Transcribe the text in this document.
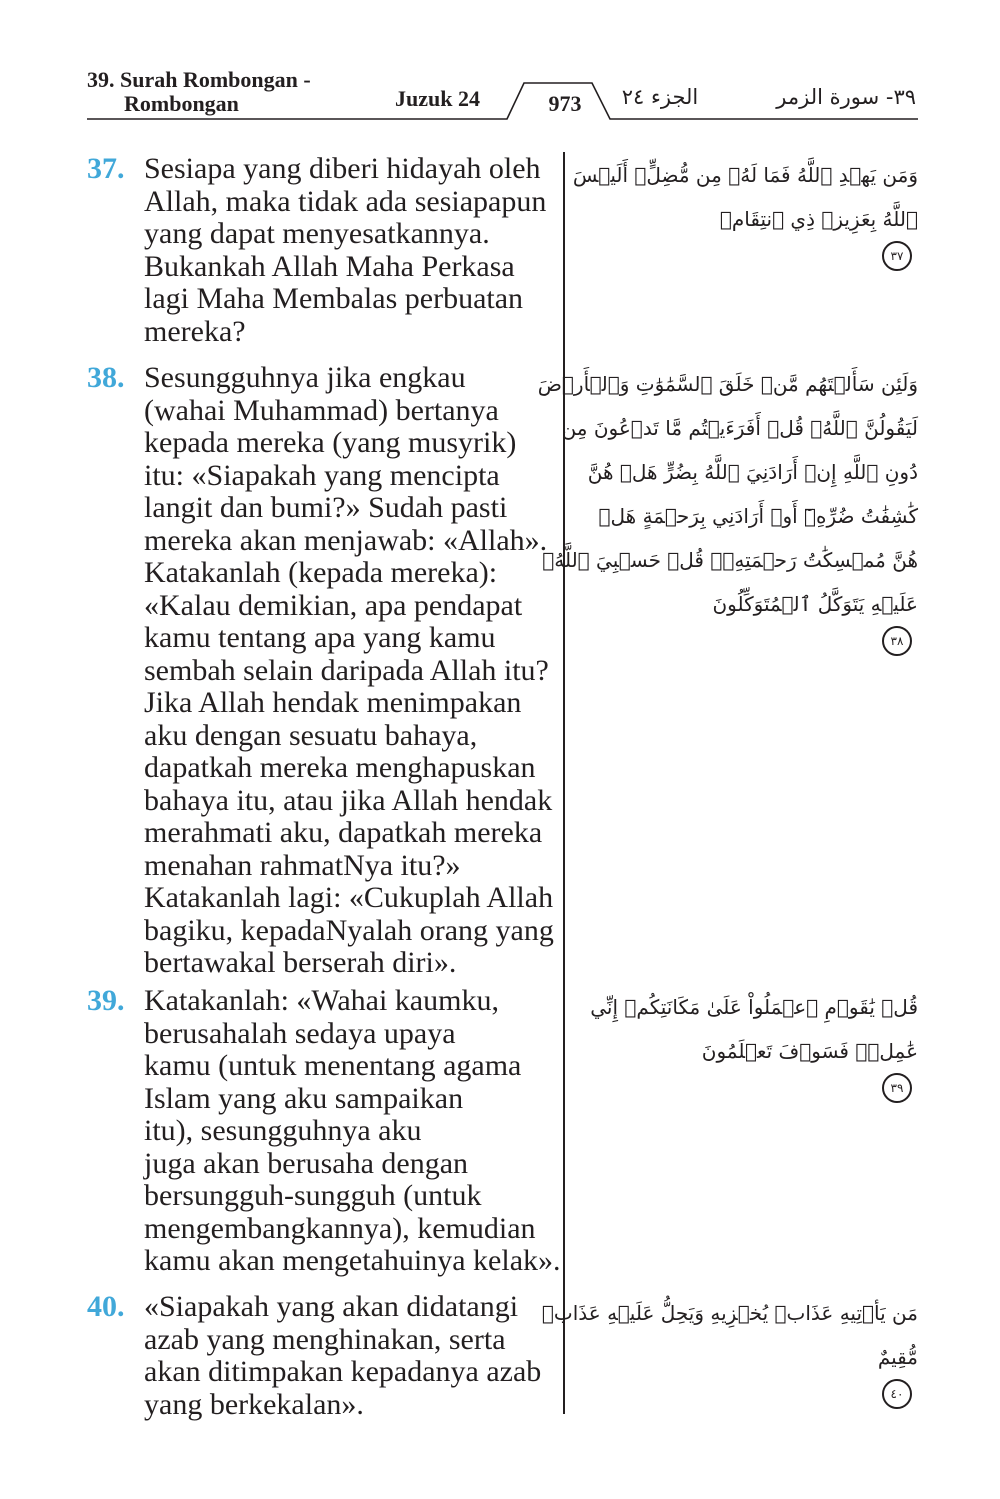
39. Surah Rombongan -
Rombongan	Juzuk 24	973	الجزء ٢٤	٣٩- سورة الزمر
37. Sesiapa yang diberi hidayah oleh
Allah, maka tidak ada sesiapapun
yang dapat menyesatkannya.
Bukankah Allah Maha Perkasa
lagi Maha Membalas perbuatan
mereka?
وَمَن يَهۡدِ ٱللَّهُ فَمَا لَهُۥ مِن مُّضِلٍّۗ أَلَيۡسَ
ٱللَّهُ بِعَزِيزٖ ذِي ٱنتِقَامٖ
٣٧
38. Sesungguhnya jika engkau
(wahai Muhammad) bertanya
kepada mereka (yang musyrik)
itu: «Siapakah yang mencipta
langit dan bumi?» Sudah pasti
mereka akan menjawab: «Allah».
Katakanlah (kepada mereka):
«Kalau demikian, apa pendapat
kamu tentang apa yang kamu
sembah selain daripada Allah itu?
Jika Allah hendak menimpakan
aku dengan sesuatu bahaya,
dapatkah mereka menghapuskan
bahaya itu, atau jika Allah hendak
merahmati aku, dapatkah mereka
menahan rahmatNya itu?»
Katakanlah lagi: «Cukuplah Allah
bagiku, kepadaNyalah orang yang
bertawakal berserah diri».
وَلَئِن سَأَلۡتَهُم مَّنۡ خَلَقَ ٱلسَّمَٰوَٰتِ وَٱلۡأَرۡضَ
لَيَقُولُنَّ ٱللَّهُۚ قُلۡ أَفَرَءَيۡتُم مَّا تَدۡعُونَ مِن
دُونِ ٱللَّهِ إِنۡ أَرَادَنِيَ ٱللَّهُ بِضُرٍّ هَلۡ هُنَّ
كَٰشِفَٰتُ ضُرِّهِۦٓ أَوۡ أَرَادَنِي بِرَحۡمَةٍ هَلۡ
هُنَّ مُمۡسِكَٰتُ رَحۡمَتِهِۦۚ قُلۡ حَسۡبِيَ ٱللَّهُۖ
عَلَيۡهِ يَتَوَكَّلُ ٱلۡمُتَوَكِّلُونَ
٣٨
39. Katakanlah: «Wahai kaumku,
berusahalah sedaya upaya
kamu (untuk menentang agama
Islam yang aku sampaikan
itu), sesungguhnya aku
juga akan berusaha dengan
bersungguh-sungguh (untuk
mengembangkannya), kemudian
kamu akan mengetahuinya kelak».
قُلۡ يَٰقَوۡمِ ٱعۡمَلُواْ عَلَىٰ مَكَانَتِكُمۡ إِنِّي
عَٰمِلٞۖ فَسَوۡفَ تَعۡلَمُونَ
٣٩
40. «Siapakah yang akan didatangi
azab yang menghinakan, serta
akan ditimpakan kepadanya azab
yang berkekalan».
مَن يَأۡتِيهِ عَذَابٞ يُخۡزِيهِ وَيَحِلُّ عَلَيۡهِ عَذَابٞ
مُّقِيمٌ
٤٠
